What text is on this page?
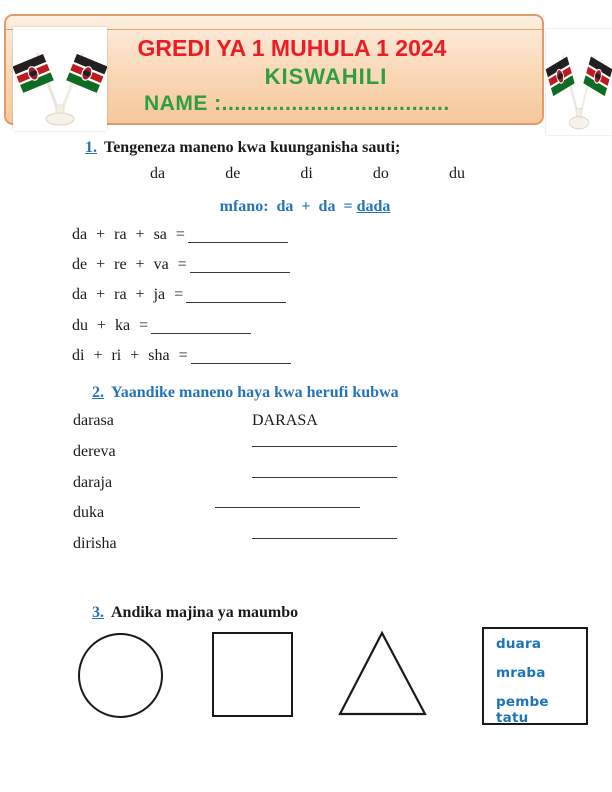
GREDI YA 1 MUHULA 1 2024
KISWAHILI
NAME :....................................
1. Tengeneza maneno kwa kuunganisha sauti;
da	de	di	do	du
mfano: da + da = dada
da + ra + sa =
de + re + va =
da + ra + ja =
du + ka =
di + ri + sha =
2. Yaandike maneno haya kwa herufi kubwa
darasa	DARASA
dereva
daraja
duka
dirisha
3. Andika majina ya maumbo
duara
mraba
pembe tatu
